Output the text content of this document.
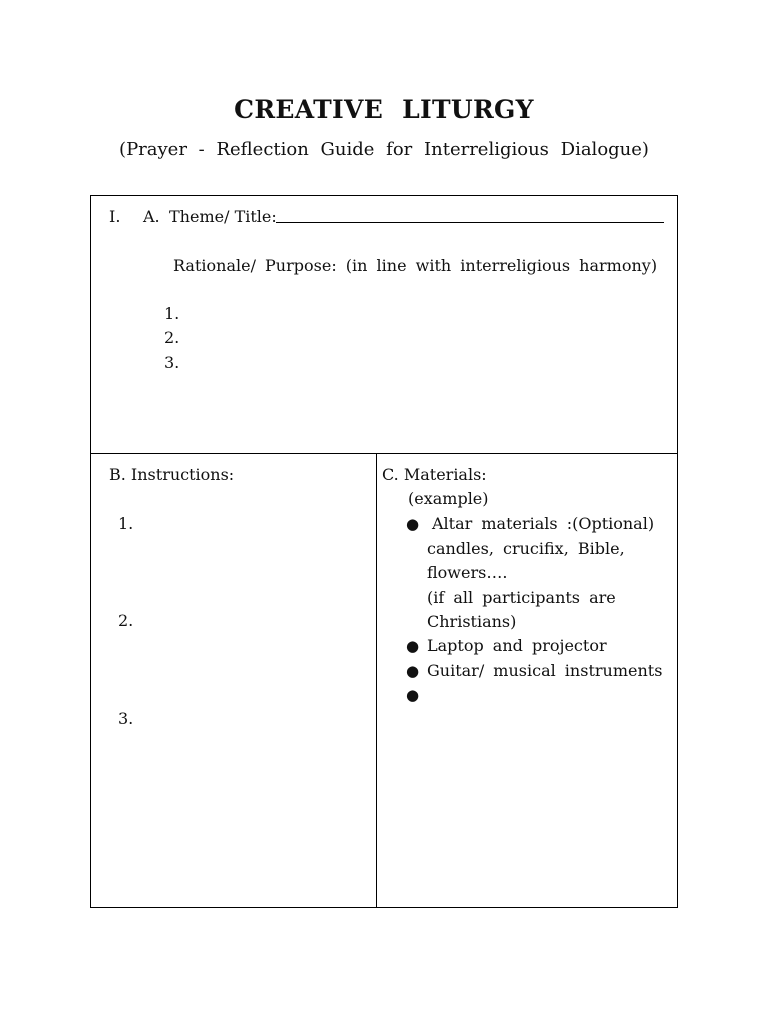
CREATIVE LITURGY

(Prayer - Reflection Guide for Interreligious Dialogue)

I. A. Theme/ Title:
Rationale/ Purpose: (in line with interreligious harmony)
1.
2.
3.
B. Instructions:
1.
2.
3.
C. Materials:
(example)
● Altar materials :(Optional)
candles, crucifix, Bible,
flowers….
(if all participants are
Christians)
● Laptop and projector
● Guitar/ musical instruments
●
